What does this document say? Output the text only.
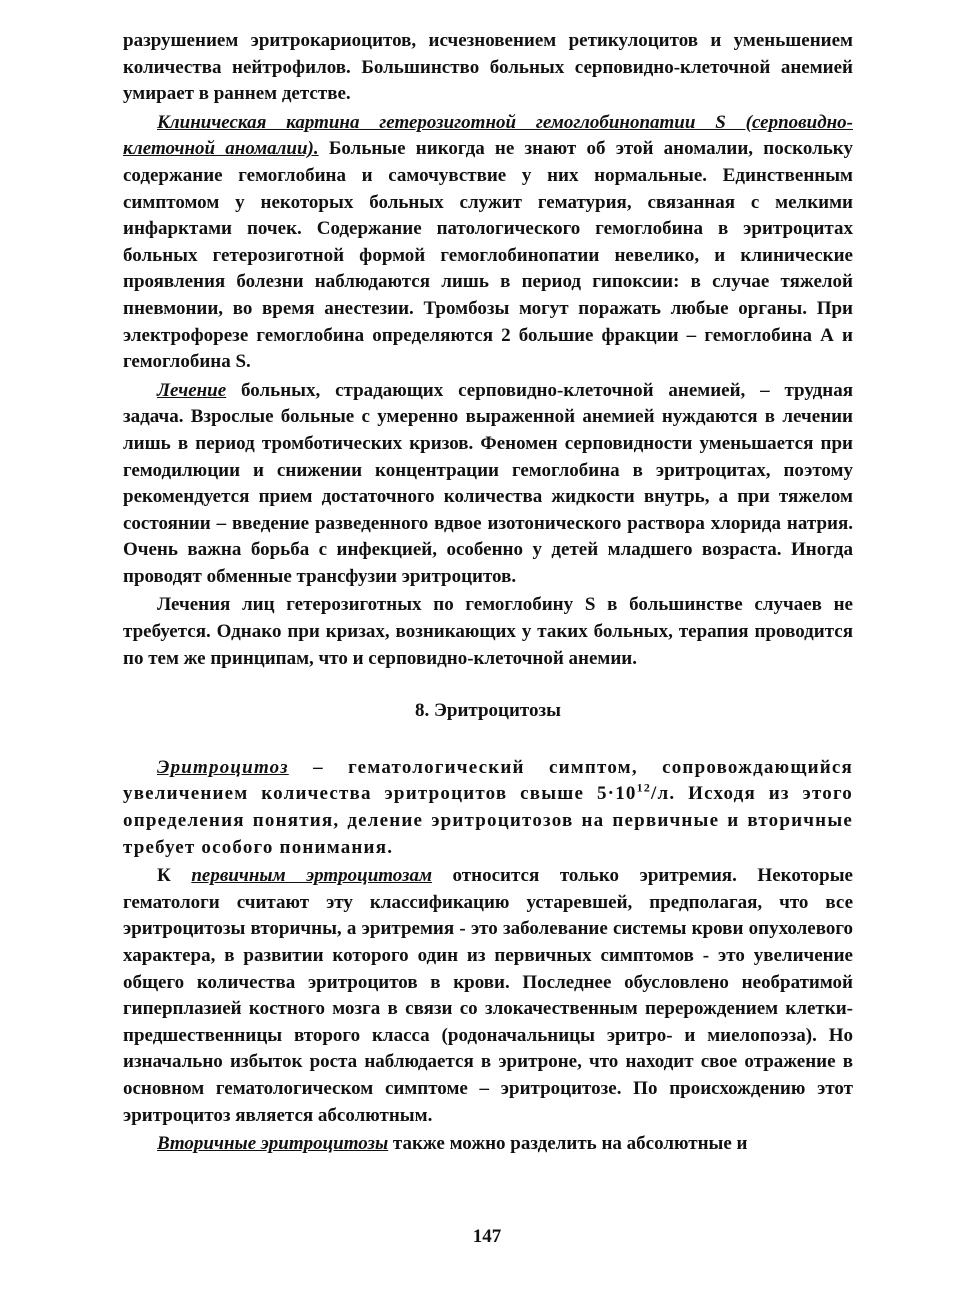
разрушением эритрокариоцитов, исчезновением ретикулоцитов и уменьшением количества нейтрофилов. Большинство больных серповидно-клеточной анемией умирает в раннем детстве.

Клиническая картина гетерозиготной гемоглобинопатии S (серповидно-клеточной аномалии). Больные никогда не знают об этой аномалии, поскольку содержание гемоглобина и самочувствие у них нормальные. Единственным симптомом у некоторых больных служит гематурия, связанная с мелкими инфарктами почек. Содержание патологического гемоглобина в эритроцитах больных гетерозиготной формой гемоглобинопатии невелико, и клинические проявления болезни наблюдаются лишь в период гипоксии: в случае тяжелой пневмонии, во время анестезии. Тромбозы могут поражать любые органы. При электрофорезе гемоглобина определяются 2 большие фракции – гемоглобина А и гемоглобина S.

Лечение больных, страдающих серповидно-клеточной анемией, – трудная задача. Взрослые больные с умеренно выраженной анемией нуждаются в лечении лишь в период тромботических кризов. Феномен серповидности уменьшается при гемодилюции и снижении концентрации гемоглобина в эритроцитах, поэтому рекомендуется прием достаточного количества жидкости внутрь, а при тяжелом состоянии – введение разведенного вдвое изотонического раствора хлорида натрия. Очень важна борьба с инфекцией, особенно у детей младшего возраста. Иногда проводят обменные трансфузии эритроцитов.

Лечения лиц гетерозиготных по гемоглобину S в большинстве случаев не требуется. Однако при кризах, возникающих у таких больных, терапия проводится по тем же принципам, что и серповидно-клеточной анемии.

8. Эритроцитозы

Эритроцитоз – гематологический симптом, сопровождающийся увеличением количества эритроцитов свыше $5\cdot 10^{12}/л$. Исходя из этого определения понятия, деление эритроцитозов на первичные и вторичные требует особого понимания.

К первичным эртроцитозам относится только эритремия. Некоторые гематологи считают эту классификацию устаревшей, предполагая, что все эритроцитозы вторичны, а эритремия - это заболевание системы крови опухолевого характера, в развитии которого один из первичных симптомов - это увеличение общего количества эритроцитов в крови. Последнее обусловлено необратимой гиперплазией костного мозга в связи со злокачественным перерождением клетки-предшественницы второго класса (родоначальницы эритро- и миелопоэза). Но изначально избыток роста наблюдается в эритроне, что находит свое отражение в основном гематологическом симптоме – эритроцитозе. По происхождению этот эритроцитоз является абсолютным.

Вторичные эритроцитозы также можно разделить на абсолютные и

147
